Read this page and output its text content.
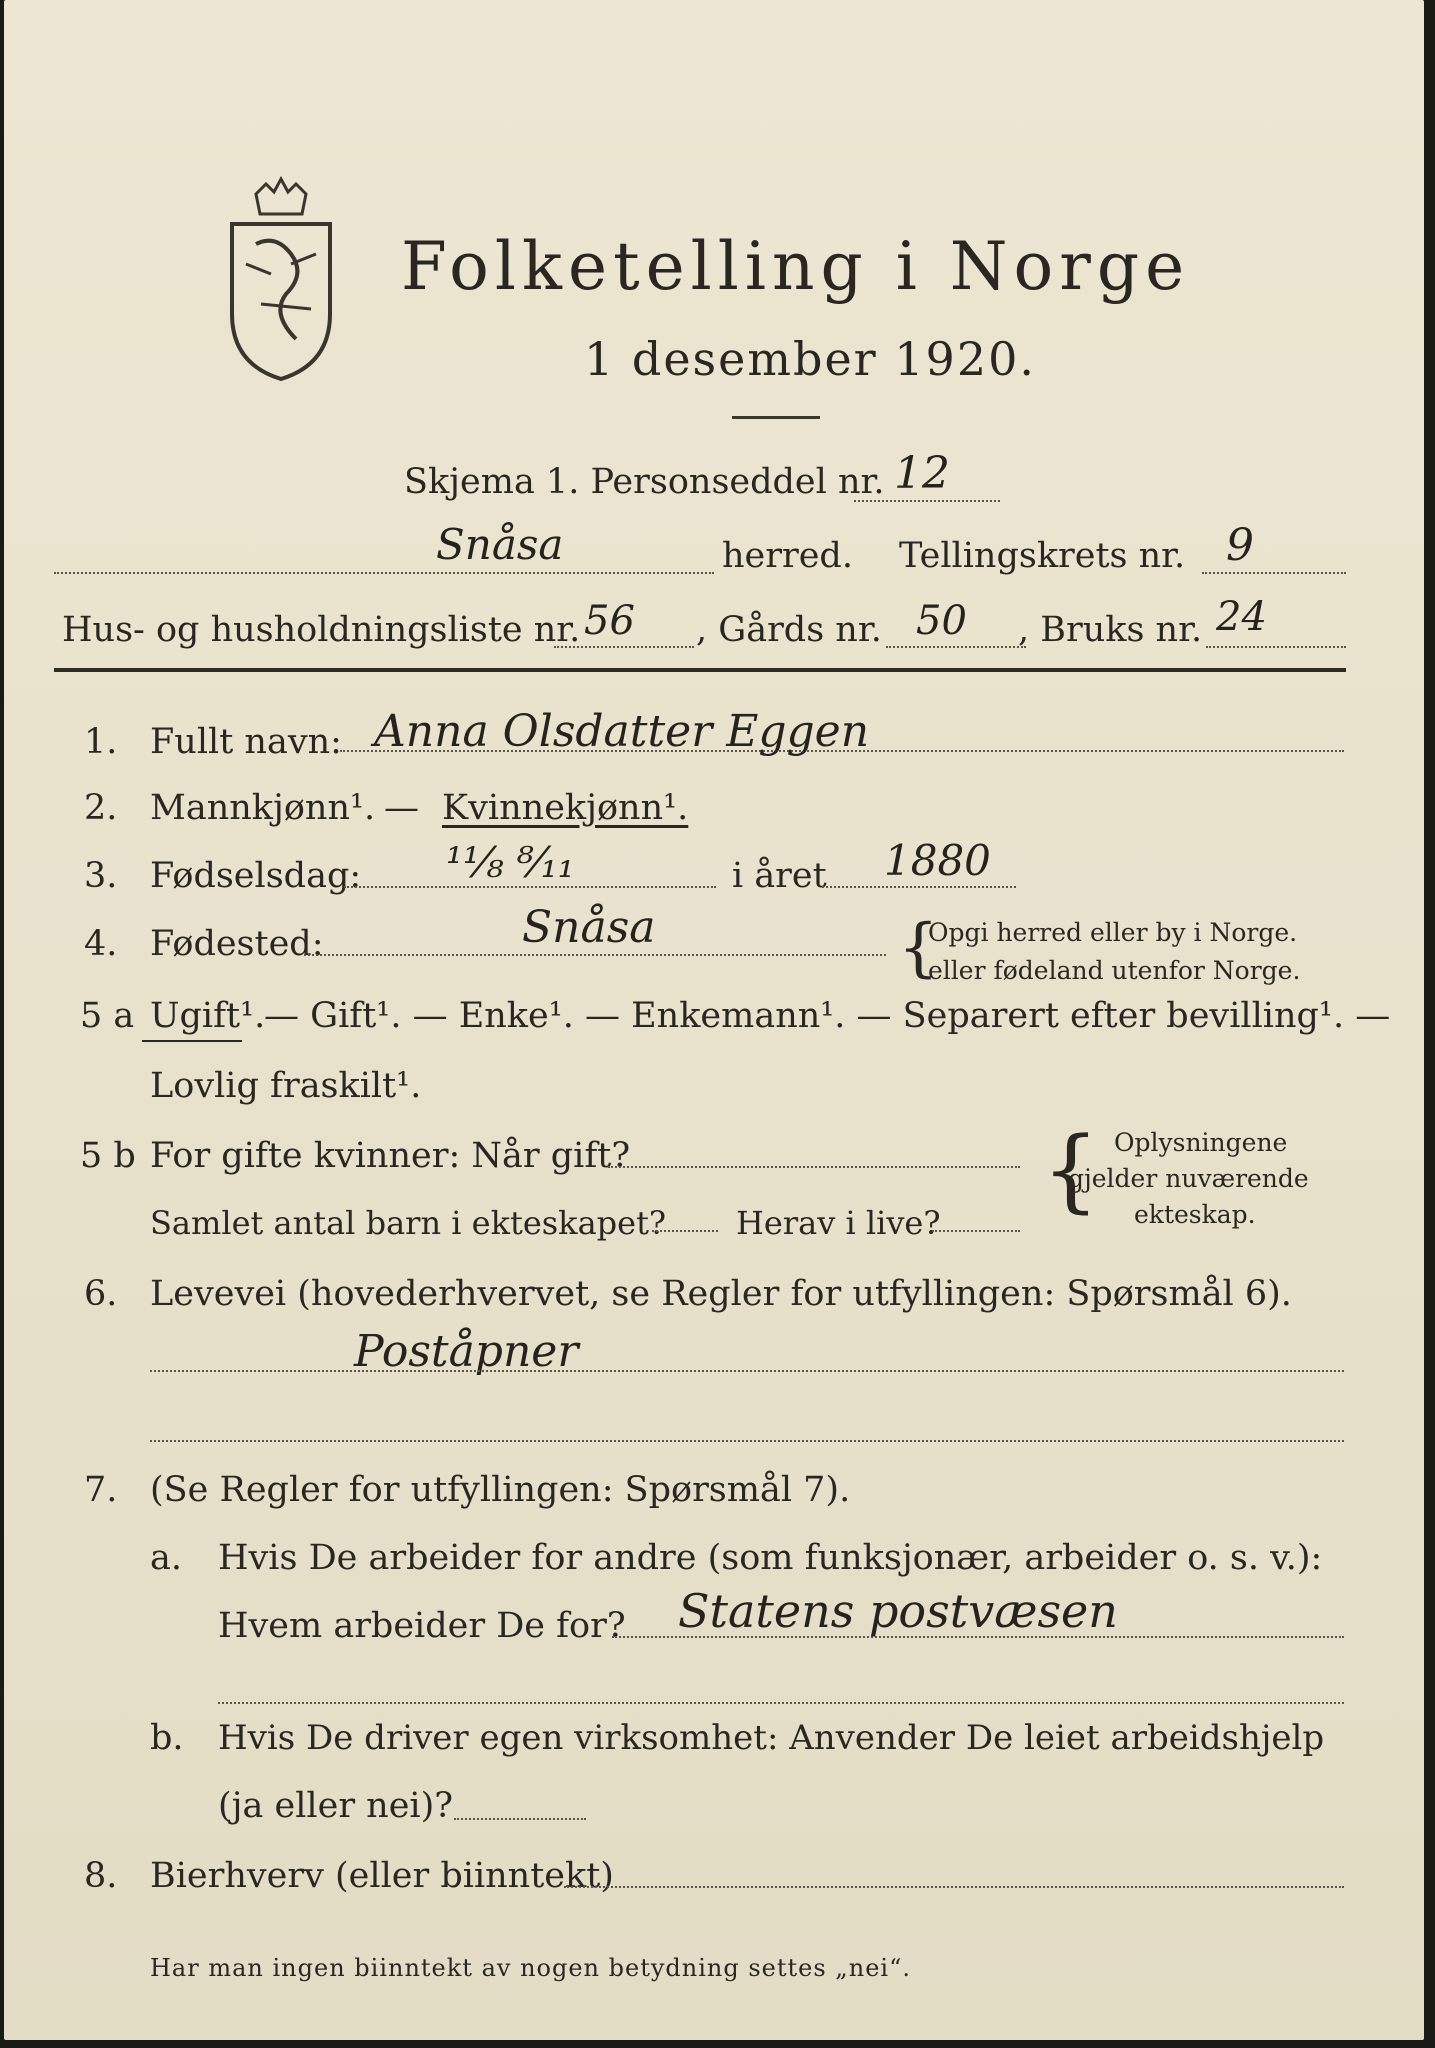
Folketelling i Norge
1 desember 1920.
Skjema 1. Personseddel nr. 12
Snåsa	herred. Tellingskrets nr. 9
Hus- og husholdningsliste nr. 56 , Gårds nr. 50 , Bruks nr. 24
1. Fullt navn: Anna Olsdatter Eggen
2. Mannkjønn¹. — Kvinnekjønn¹.
3. Fødselsdag: ¹¹⁄₈ ⁸⁄₁₁	i året 1880
4. Fødested:	Snåsa	{
Opgi herred eller by i Norge.
eller fødeland utenfor Norge.
5 a Ugift¹.
— Gift¹. — Enke¹. — Enkemann¹. — Separert efter bevilling¹. —
Lovlig fraskilt¹.
5 b For gifte kvinner: Når gift?
Samlet antal barn i ekteskapet? Herav i live? { Oplysningene
gjelder nuværende
ekteskap.
6. Levevei (hovederhvervet, se Regler for utfyllingen: Spørsmål 6).
Poståpner
7. (Se Regler for utfyllingen: Spørsmål 7).
a. Hvis De arbeider for andre (som funksjonær, arbeider o. s. v.):
Hvem arbeider De for? Statens postvæsen
b. Hvis De driver egen virksomhet: Anvender De leiet arbeidshjelp
(ja eller nei)?
8. Bierhverv (eller biinntekt)
Har man ingen biinntekt av nogen betydning settes „nei“.
